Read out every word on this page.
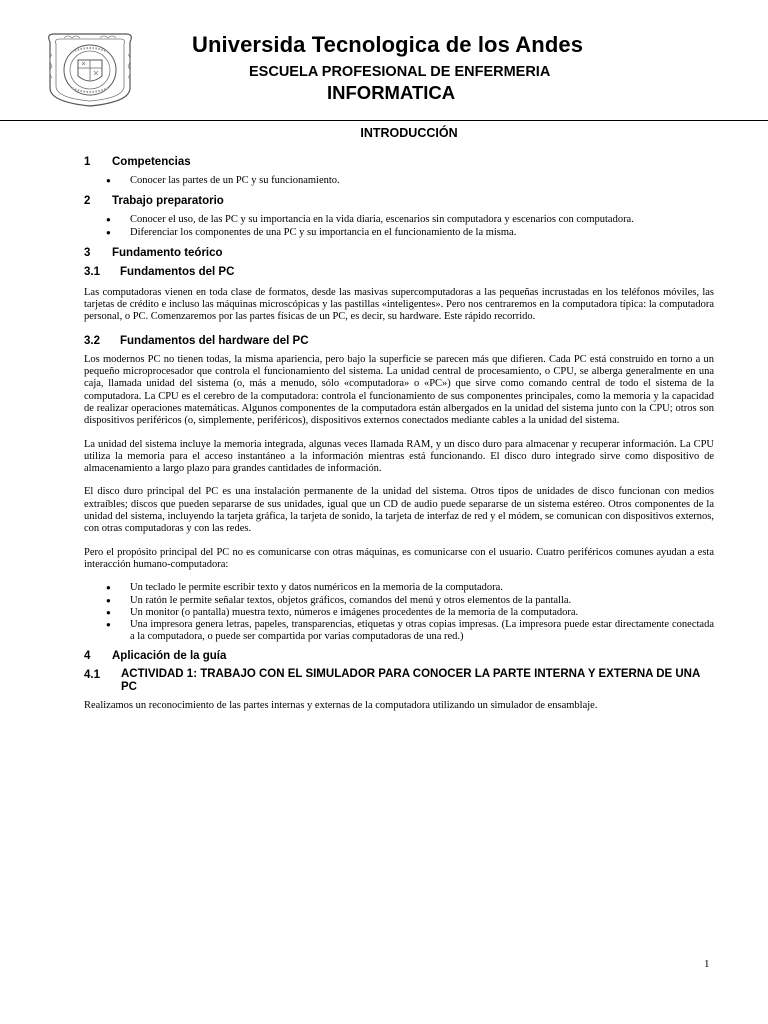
Universida Tecnologica de los Andes
ESCUELA PROFESIONAL DE ENFERMERIA
INFORMATICA
INTRODUCCIÓN
1 Competencias
● Conocer las partes de un PC y su funcionamiento.
2 Trabajo preparatorio
● Conocer el uso, de las PC y su importancia en la vida diaria, escenarios sin computadora y escenarios con computadora.
● Diferenciar los componentes de una PC y su importancia en el funcionamiento de la misma.
3 Fundamento teórico
3.1 Fundamentos del PC

Las computadoras vienen en toda clase de formatos, desde las masivas supercomputadoras a las pequeñas incrustadas en los teléfonos móviles, las tarjetas de crédito e incluso las máquinas microscópicas y las pastillas «inteligentes». Pero nos centraremos en la computadora típica: la computadora personal, o PC. Comenzaremos por las partes físicas de un PC, es decir, su hardware. Este rápido recorrido.

3.2 Fundamentos del hardware del PC

Los modernos PC no tienen todas, la misma apariencia, pero bajo la superficie se parecen más que difieren. Cada PC está construido en torno a un pequeño microprocesador que controla el funcionamiento del sistema. La unidad central de procesamiento, o CPU, se alberga generalmente en una caja, llamada unidad del sistema (o, más a menudo, sólo «computadora» o «PC») que sirve como comando central de todo el sistema de la computadora. La CPU es el cerebro de la computadora: controla el funcionamiento de sus componentes principales, como la memoria y la capacidad de realizar operaciones matemáticas. Algunos componentes de la computadora están albergados en la unidad del sistema junto con la CPU; otros son dispositivos periféricos (o, simplemente, periféricos), dispositivos externos conectados mediante cables a la unidad del sistema.

La unidad del sistema incluye la memoria integrada, algunas veces llamada RAM, y un disco duro para almacenar y recuperar información. La CPU utiliza la memoria para el acceso instantáneo a la información mientras está funcionando. El disco duro integrado sirve como dispositivo de almacenamiento a largo plazo para grandes cantidades de información.

El disco duro principal del PC es una instalación permanente de la unidad del sistema. Otros tipos de unidades de disco funcionan con medios extraíbles; discos que pueden separarse de sus unidades, igual que un CD de audio puede separarse de un sistema estéreo. Otros componentes de la unidad del sistema, incluyendo la tarjeta gráfica, la tarjeta de sonido, la tarjeta de interfaz de red y el módem, se comunican con dispositivos externos, con otras computadoras y con las redes.

Pero el propósito principal del PC no es comunicarse con otras máquinas, es comunicarse con el usuario. Cuatro periféricos comunes ayudan a esta interacción humano-computadora:

● Un teclado le permite escribir texto y datos numéricos en la memoria de la computadora.
● Un ratón le permite señalar textos, objetos gráficos, comandos del menú y otros elementos de la pantalla.
● Un monitor (o pantalla) muestra texto, números e imágenes procedentes de la memoria de la computadora.
● Una impresora genera letras, papeles, transparencias, etiquetas y otras copias impresas. (La impresora puede estar directamente conectada a la computadora, o puede ser compartida por varias computadoras de una red.)
4 Aplicación de la guía
4.1 ACTIVIDAD 1: TRABAJO CON EL SIMULADOR PARA CONOCER LA PARTE INTERNA Y EXTERNA DE UNA PC

Realizamos un reconocimiento de las partes internas y externas de la computadora utilizando un simulador de ensamblaje.

1
